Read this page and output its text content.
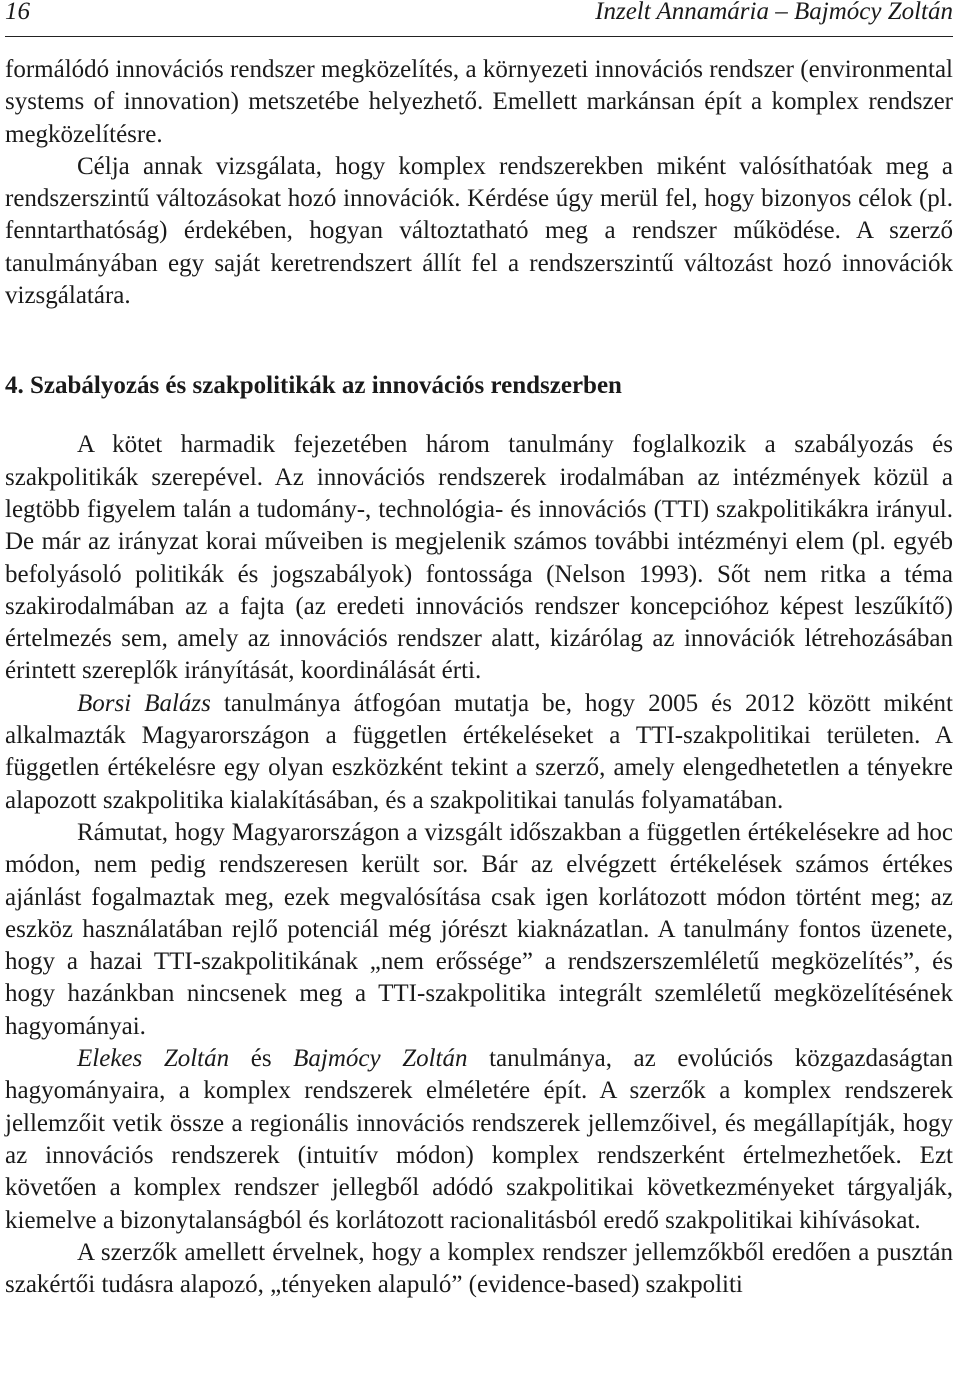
16	Inzelt Annamária – Bajmócy Zoltán

formálódó innovációs rendszer megközelítés, a környezeti innovációs rendszer (environmental systems of innovation) metszetébe helyezhető. Emellett markánsan épít a komplex rendszer megközelítésre.

Célja annak vizsgálata, hogy komplex rendszerekben miként valósíthatóak meg a rendszerszintű változásokat hozó innovációk. Kérdése úgy merül fel, hogy bizonyos célok (pl. fenntarthatóság) érdekében, hogyan változtatható meg a rendszer működése. A szerző tanulmányában egy saját keretrendszert állít fel a rendszerszintű változást hozó innovációk vizsgálatára.

4. Szabályozás és szakpolitikák az innovációs rendszerben

A kötet harmadik fejezetében három tanulmány foglalkozik a szabályozás és szakpolitikák szerepével. Az innovációs rendszerek irodalmában az intézmények közül a legtöbb figyelem talán a tudomány-, technológia- és innovációs (TTI) szakpolitikákra irányul. De már az irányzat korai műveiben is megjelenik számos további intézményi elem (pl. egyéb befolyásoló politikák és jogszabályok) fontossága (Nelson 1993). Sőt nem ritka a téma szakirodalmában az a fajta (az eredeti innovációs rendszer koncepcióhoz képest leszűkítő) értelmezés sem, amely az innovációs rendszer alatt, kizárólag az innovációk létrehozásában érintett szereplők irányítását, koordinálását érti.

Borsi Balázs tanulmánya átfogóan mutatja be, hogy 2005 és 2012 között miként alkalmazták Magyarországon a független értékeléseket a TTI-szakpolitikai területen. A független értékelésre egy olyan eszközként tekint a szerző, amely elengedhetetlen a tényekre alapozott szakpolitika kialakításában, és a szakpolitikai tanulás folyamatában.

Rámutat, hogy Magyarországon a vizsgált időszakban a független értékelésekre ad hoc módon, nem pedig rendszeresen került sor. Bár az elvégzett értékelések számos értékes ajánlást fogalmaztak meg, ezek megvalósítása csak igen korlátozott módon történt meg; az eszköz használatában rejlő potenciál még jórészt kiaknázatlan. A tanulmány fontos üzenete, hogy a hazai TTI-szakpolitikának „nem erőssége” a rendszerszemléletű megközelítés”, és hogy hazánkban nincsenek meg a TTI-szakpolitika integrált szemléletű megközelítésének hagyományai.

Elekes Zoltán és Bajmócy Zoltán tanulmánya, az evolúciós közgazdaságtan hagyományaira, a komplex rendszerek elméletére épít. A szerzők a komplex rendszerek jellemzőit vetik össze a regionális innovációs rendszerek jellemzőivel, és megállapítják, hogy az innovációs rendszerek (intuitív módon) komplex rendszerként értelmezhetőek. Ezt követően a komplex rendszer jellegből adódó szakpolitikai következményeket tárgyalják, kiemelve a bizonytalanságból és korlátozott racionalitásból eredő szakpolitikai kihívásokat.

A szerzők amellett érvelnek, hogy a komplex rendszer jellemzőkből eredően a pusztán szakértői tudásra alapozó, „tényeken alapuló” (evidence-based) szakpoliti
